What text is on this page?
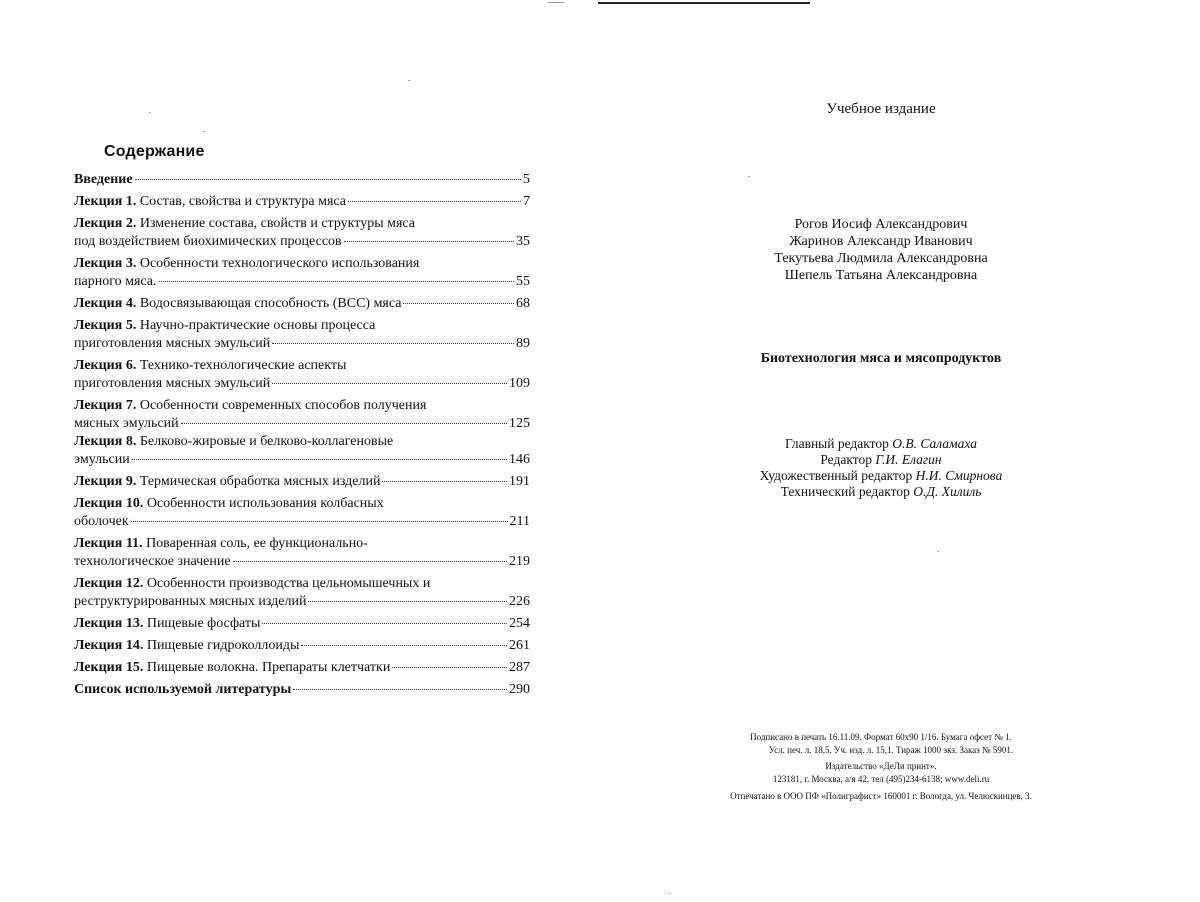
Содержание
Введение	5
Лекция 1. Состав, свойства и структура мяса	7
Лекция 2. Изменение состава, свойств и структуры мяса
под воздействием биохимических процессов	35
Лекция 3. Особенности технологического использования
парного мяса.	55
Лекция 4. Водосвязывающая способность (ВСС) мяса	68
Лекция 5. Научно-практические основы процесса
приготовления мясных эмульсий	89
Лекция 6. Технико-технологические аспекты
приготовления мясных эмульсий	109
Лекция 7. Особенности современных способов получения
мясных эмульсий	125
Лекция 8. Белково-жировые и белково-коллагеновые
эмульсии	146
Лекция 9. Термическая обработка мясных изделий	191
Лекция 10. Особенности использования колбасных
оболочек	211
Лекция 11. Поваренная соль, ее функционально-
технологическое значение	219
Лекция 12. Особенности производства цельномышечных и
реструктурированных мясных изделий	226
Лекция 13. Пищевые фосфаты	254
Лекция 14. Пищевые гидроколлоиды	261
Лекция 15. Пищевые волокна. Препараты клетчатки	287
Список используемой литературы	290
Учебное издание
Рогов Иосиф Александрович
Жаринов Александр Иванович
Текутьева Людмила Александровна
Шепель Татьяна Александровна
Биотехнология мяса и мясопродуктов
Главный редактор О.В. Саламаха
Редактор Г.И. Елагин
Художественный редактор Н.И. Смирнова
Технический редактор О.Д. Хилиль
Подписано в печать 16.11.09. Формат 60х90 1/16. Бумага офсет № 1.
Усл. печ. л. 18,5. Уч. изд. л. 15,1. Тираж 1000 экз. Заказ № 5901.
Издательство «ДеЛи принт».
123181, г. Москва, а/я 42, тел (495)234-6138; www.deli.ru
Отпечатано в ООО ПФ «Полиграфист» 160001 г. Вологда, ул. Челюскинцев, 3.
